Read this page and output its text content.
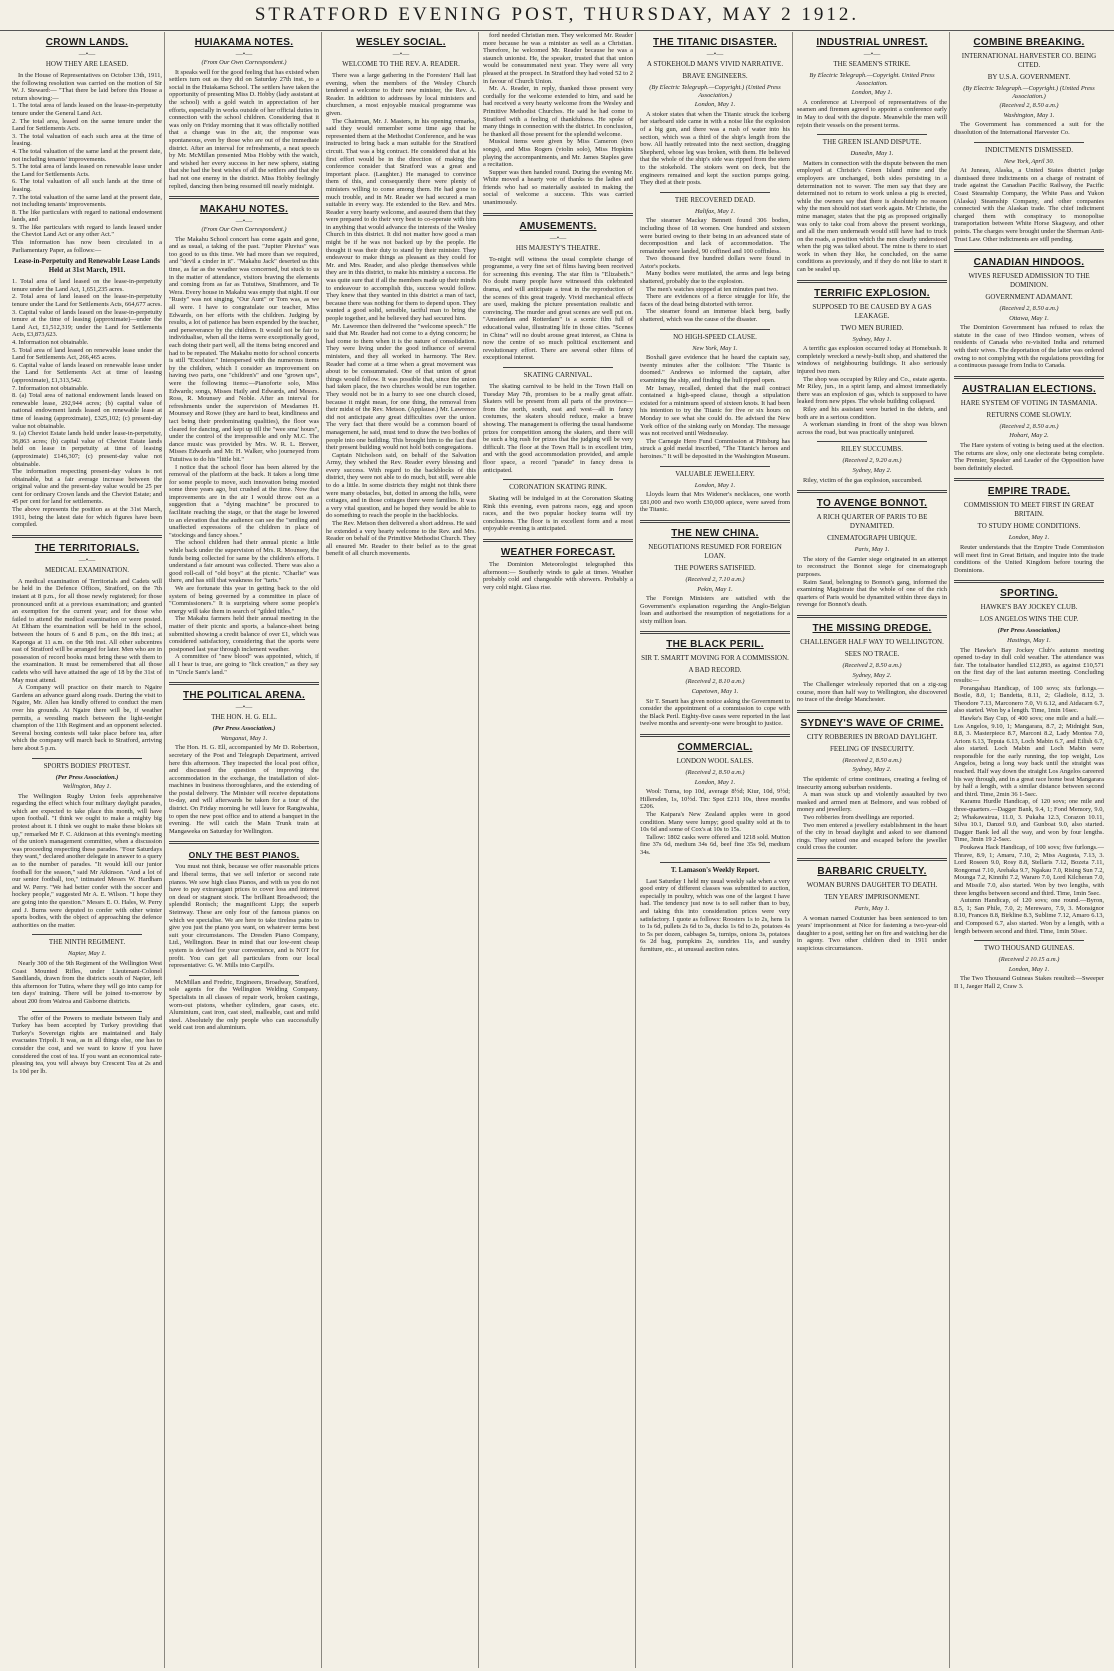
STRATFORD EVENING POST, THURSDAY, MAY 2 1912.
CROWN LANDS.
—•—
HOW THEY ARE LEASED.

In the House of Representatives on October 13th, 1911, the following resolution was carried on the motion of Sir W. J. Steward:— "That there be laid before this House a return showing:—

1. The total area of lands leased on the lease-in-perpetuity tenure under the General Land Act.

2. The total area, leased on the same tenure under the Land for Settlements Acts.

3. The total valuation of each such area at the time of leasing.

4. The total valuation of the same land at the present date, not including tenants' improvements.

5. The total area of lands leased on renewable lease under the Land for Settlements Acts.

6. The total valuation of all such lands at the time of leasing.

7. The total valuation of the same land at the present date, not including tenants' improvements.

8. The like particulars with regard to national endowment lands, and

9. The like particulars with regard to lands leased under the Cheviot Land Act or any other Act."

This information has now been circulated in a Parliamentary Paper, as follows:—

Lease-in-Perpetuity and Renewable Lease Lands Held at 31st March, 1911.

1. Total area of land leased on the lease-in-perpetuity tenure under the Land Act, 1,651,235 acres.

2. Total area of land leased on the lease-in-perpetuity tenure under the Land for Settlements Acts, 664,677 acres.

3. Capital value of lands leased on the lease-in-perpetuity tenure at the time of leasing (approximate)—under the Land Act, £1,512,319; under the Land for Settlements Acts, £3,873,623.

4. Information not obtainable.

5. Total area of land leased on renewable lease under the Land for Settlements Act, 266,465 acres.

6. Capital value of lands leased on renewable lease under the Land for Settlements Act at time of leasing (approximate), £1,313,542.

7. Information not obtainable.

8. (a) Total area of national endowment lands leased on renewable lease, 292,944 acres; (b) capital value of national endowment lands leased on renewable lease at time of leasing (approximate), £325,102; (c) present-day value not obtainable.

9. (a) Cheviot Estate lands held under lease-in-perpetuity, 36,863 acres; (b) capital value of Cheviot Estate lands held on lease in perpetuity at time of leasing (approximate) £146,307; (c) present-day value not obtainable.

The information respecting present-day values is not obtainable, but a fair average increase between the original value and the present-day value would be 25 per cent for ordinary Crown lands and the Cheviot Estate; and 45 per cent for land for settlements.

The above represents the position as at the 31st March, 1911, being the latest date for which figures have been compiled.

THE TERRITORIALS.
—•—
MEDICAL EXAMINATION.

A medical examination of Territorials and Cadets will be held in the Defence Offices, Stratford, on the 7th instant at 8 p.m., for all those newly registered; for those pronounced unfit at a previous examination; and granted an exemption for the current year; and for those who failed to attend the medical examination or were posted. At Eltham the examination will be held in the school, between the hours of 6 and 8 p.m., on the 8th inst.; at Kaponga at 11 a.m. on the 9th inst. All other subcentres east of Stratford will be arranged for later. Men who are in possession of record books must bring these with them to the examination. It must be remembered that all those cadets who will have attained the age of 18 by the 31st of May must attend.

A Company will practice on their march to Ngaire Gardens an advance guard along roads. During the visit to Ngaire, Mr. Allen has kindly offered to conduct the men over his grounds. At Ngaire there will be, if weather permits, a wrestling match between the light-weight champion of the 11th Regiment and an opponent selected. Several boxing contests will take place before tea, after which the company will march back to Stratford, arriving here about 5 p.m.

SPORTS BODIES' PROTEST.
(Per Press Association.)
Wellington, May 1.

The Wellington Rugby Union feels apprehensive regarding the effect which four military daylight parades, which are expected to take place this month, will have upon football. "I think we ought to make a mighty big protest about it. I think we ought to make these blokes sit up," remarked Mr F. C. Atkinson at this evening's meeting of the union's management committee, when a discussion was proceeding respecting these parades. "Four Saturdays they want," declared another delegate in answer to a query as to the number of parades. "It would kill our junior football for the season," said Mr Atkinson. "And a lot of our senior football, too," intimated Messrs W. Hardham and W. Perry. "We had better confer with the soccer and hockey people," suggested Mr A. E. Wilson. "I hope they are going into the question." Messrs E. O. Hales, W. Perry and J. Burns were deputed to confer with other winter sports bodies, with the object of approaching the defence authorities on the matter.

THE NINTH REGIMENT.
Napier, May 1.

Nearly 300 of the 9th Regiment of the Wellington West Coast Mounted Rifles, under Lieutenant-Colonel Sandilands, drawn from the districts south of Napier, left this afternoon for Tutira, where they will go into camp for ten days' training. There will be joined to-morrow by about 200 from Wairoa and Gisborne districts.

The offer of the Powers to mediate between Italy and Turkey has been accepted by Turkey providing that Turkey's Sovereign rights are maintained and Italy evacuates Tripoli. It was, as in all things else, one has to consider the cost, and we want to know if you have considered the cost of tea. If you want an economical rate-pleasing tea, you will always buy Crescent Tea at 2s and 1s 10d per lb.

HUIAKAMA NOTES.
—•—
(From Our Own Correspondent.)

It speaks well for the good feeling that has existed when settlers turn out as they did on Saturday 27th inst., to a social in the Huiakama School. The settlers have taken the opportunity of presenting Miss D. Hobby (lady assistant at the school) with a gold watch in appreciation of her efforts, especially in works outside of her official duties in connection with the school children. Considering that it was only on Friday morning that it was officially notified that a change was in the air, the response was spontaneous, even by those who are out of the immediate district. After an interval for refreshments, a neat speech by Mr. McMillan presented Miss Hobby with the watch, and wished her every success in her new sphere, stating that she had the best wishes of all the settlers and that she had not one enemy in the district. Miss Hobby feelingly replied, dancing then being resumed till nearly midnight.

MAKAHU NOTES.
—•—
(From Our Own Correspondent.)

The Makahu School concert has come again and gone, and as usual, a taking of the past. "Jupiter Pluvius" was too good to us this time. We had more than we required, and "devil a cinder in it". "Makahu Jack" deserted us this time, as far as the weather was concerned, but stuck to us in the matter of attendance, visitors braving the elements and coming from as far as Tutuiiwa, Strathmore, and Te Wera. Every house in Makahu was empty that night. If our "Rusty" was not singing, "Our Aunt" or Tom was, as we all were. I have to congratulate our teacher, Miss Edwards, on her efforts with the children. Judging by results, a lot of patience has been expended by the teacher, and perseverance by the children. It would not be fair to individualise, when all the items were exceptionally good, each doing their part well, all the items being encored and had to be repeated. The Makahu motto for school concerts is still "Excelsior." Interspersed with the numerous items by the children, which I consider an improvement on having two parts, one "children's" and one "grown ups", were the following items:—Pianoforte solo, Miss Edwards; songs, Misses Haily and Edwards, and Messrs. Ross, R. Mounsey and Noble. After an interval for refreshments under the supervision of Mesdames H. Mounsey and Rowe (they are hard to beat, kindliness and tact being their predominating qualities), the floor was cleared for dancing, and kept up till the "wee sma' hours", under the control of the irrepressible and only M.C. The dance music was provided by Mrs. W. R. L. Brewer, Misses Edwards and Mr. H. Walker, who journeyed from Tutuiiwa to do his "little bit."

I notice that the school floor has been altered by the removal of the platform at the back. It takes a long time for some people to move, such innovation being mooted some three years ago, but crushed at the time. Now that improvements are in the air I would throw out as a suggestion that a "dying machine" be procured to facilitate reaching the stage, or that the stage be lowered to an elevation that the audience can see the "smiling and unaffected expressions of the children in place of "stockings and fancy shoes."

The school children had their annual picnic a little while back under the supervision of Mrs. R. Mounsey, the funds being collected for same by the children's efforts. I understand a fair amount was collected. There was also a good roll-call of "old boys" at the picnic. "Charlie" was there, and has still that weakness for "tarts."

We are fortunate this year in getting back to the old system of being governed by a committee in place of "Commissioners." It is surprising where some people's energy will take them in search of "gilded titles."

The Makahu farmers held their annual meeting in the matter of their picnic and sports, a balance-sheet being submitted showing a credit balance of over £1, which was considered satisfactory, considering that the sports were postponed last year through inclement weather.

A committee of "new blood" was appointed, which, if all I hear is true, are going to "lick creation," as they say in "Uncle Sam's land."

THE POLITICAL ARENA.
—•—
THE HON. H. G. ELL.
(Per Press Association.)
Wanganui, May 1.

The Hon. H. G. Ell, accompanied by Mr D. Robertson, secretary of the Post and Telegraph Department, arrived here this afternoon. They inspected the local post office, and discussed the question of improving the accommodation in the exchange, the installation of slot-machines in business thoroughfares, and the extending of the postal delivery. The Minister will receive deputations to-day, and will afterwards be taken for a tour of the district. On Friday morning he will leave for Rangiwahia, to open the new post office and to attend a banquet in the evening. He will catch the Main Trunk train at Mangaweka on Saturday for Wellington.

ONLY THE BEST PIANOS.

You must not think, because we offer reasonable prices and liberal terms, that we sell inferior or second rate pianos. We sow high class Pianos, and with us you do not have to pay extravagant prices to cover loss and interest on dead or stagnant stock. The brilliant Broadwood; the splendid Ronisch; the magnificent Lipp; the superb Steinway. These are only four of the famous pianos on which we specialise. We are here to take tireless pains to give you just the piano you want, on whatever terms best suit your circumstances. The Dresden Piano Company, Ltd., Wellington. Bear in mind that our low-rent cheap system is devised for your convenience, and is NOT for profit. You can get all particulars from our local representative: G. W. Mills into Carpill's.

McMillan and Fredric, Engineers, Broadway, Stratford, sole agents for the Wellington Welding Company. Specialists in all classes of repair work, broken castings, worn-out pistons, whether cylinders, gear cases, etc. Aluminium, cast iron, cast steel, malleable, cast and mild steel. Absolutely the only people who can successfully weld cast iron and aluminium.

WESLEY SOCIAL.
—•—
WELCOME TO THE REV. A. READER.

There was a large gathering in the Foresters' Hall last evening, when the members of the Wesley Church tendered a welcome to their new minister, the Rev. A. Reader. In addition to addresses by local ministers and churchmen, a most enjoyable musical programme was given.

The Chairman, Mr. J. Masters, in his opening remarks, said they would remember some time ago that he represented them at the Methodist Conference, and he was instructed to bring back a man suitable for the Stratford circuit. That was a big contract. He considered that at his first effort would be in the direction of making the conference consider that Stratford was a great and important place. (Laughter.) He managed to convince them of this, and consequently there were plenty of ministers willing to come among them. He had gone to much trouble, and in Mr. Reader we had secured a man suitable in every way. He extended to the Rev. and Mrs. Reader a very hearty welcome, and assured them that they were prepared to do their very best to co-operate with him in anything that would advance the interests of the Wesley Church in this district. It did not matter how good a man might be if he was not backed up by the people. He thought it was their duty to stand by their minister. They endeavour to make things as pleasant as they could for Mr. and Mrs. Reader, and also pledge themselves while they are in this district, to make his ministry a success. He was quite sure that if all the members made up their minds to endeavour to accomplish this, success would follow. They knew that they wanted in this district a man of tact, because there was nothing for them to depend upon. They wanted a good solid, sensible, tactful man to bring the people together, and he believed they had secured him.

Mr. Lawrence then delivered the "welcome speech." He said that Mr. Reader had not come to a dying concern; he had come to them when it is the nature of consolidation. They were living under the good influence of several ministers, and they all worked in harmony. The Rev. Reader had come at a time when a great movement was about to be consummated. One of that union of great things would follow. It was possible that, since the union had taken place, the two churches would be run together. They would not be in a hurry to see one church closed, because it might mean, for one thing, the removal from their midst of the Rev. Metson. (Applause.) Mr. Lawrence did not anticipate any great difficulties over the union. The very fact that there would be a common board of management, he said, must tend to draw the two bodies of people into one building. This brought him to the fact that their present building would not hold both congregations.

Captain Nicholson said, on behalf of the Salvation Army, they wished the Rev. Reader every blessing and every success. With regard to the backblocks of this district, they were not able to do much, but still, were able to do a little. In some districts they might not think there were many obstacles, but, dotted in among the hills, were cottages, and in those cottages there were families. It was a very vital question, and he hoped they would be able to do something to reach the people in the backblocks.

The Rev. Metson then delivered a short address. He said he extended a very hearty welcome to the Rev. and Mrs. Reader on behalf of the Primitive Methodist Church. They all ensured Mr. Reader to their belief as to the great benefit of all church movements.

ford needed Christian men. They welcomed Mr. Reader more because he was a minister as well as a Christian. Therefore, he welcomed Mr. Reader because he was a staunch unionist. He, the speaker, trusted that that union would be consummated next year. They were all very pleased at the prospect. In Stratford they had voted 52 to 2 in favour of Church Union.

Mr. A. Reader, in reply, thanked those present very cordially for the welcome extended to him, and said he had received a very hearty welcome from the Wesley and Primitive Methodist Churches. He said he had come to Stratford with a feeling of thankfulness. He spoke of many things in connection with the district. In conclusion, he thanked all those present for the splendid welcome.

Musical items were given by Miss Cameron (two songs), and Miss Rogers (violin solo), Miss Hopkins playing the accompaniments, and Mr. James Staples gave a recitation.

Supper was then handed round. During the evening Mr. White moved a hearty vote of thanks to the ladies and friends who had so materially assisted in making the social of welcome a success. This was carried unanimously.

AMUSEMENTS.
—•—
HIS MAJESTY'S THEATRE.

To-night will witness the usual complete change of programme, a very fine set of films having been received for screening this evening. The star film is "Elizabeth." No doubt many people have witnessed this celebrated drama, and will anticipate a treat in the reproduction of the scenes of this great tragedy. Vivid mechanical effects are used, making the picture presentation realistic and convincing. The murder and great scenes are well put on. "Amsterdam and Rotterdam" is a scenic film full of educational value, illustrating life in those cities. "Scenes in China" will no doubt arouse great interest, as China is now the centre of so much political excitement and revolutionary effort. There are several other films of exceptional interest.

SKATING CARNIVAL.

The skating carnival to be held in the Town Hall on Tuesday May 7th, promises to be a really great affair. Skaters will be present from all parts of the province—from the north, south, east and west—all in fancy costumes, the skaters should reduce, make a brave showing. The management is offering the usual handsome prizes for competition among the skaters, and there will be such a big rush for prizes that the judging will be very difficult. The floor at the Town Hall is in excellent trim, and with the good accommodation provided, and ample floor space, a record "parade" in fancy dress is anticipated.

CORONATION SKATING RINK.

Skating will be indulged in at the Coronation Skating Rink this evening, even patrons races, egg and spoon races, and the two popular hockey teams will try conclusions. The floor is in excellent form and a most enjoyable evening is anticipated.

WEATHER FORECAST.

The Dominion Meteorologist telegraphed this afternoon:— Southerly winds to gale at times. Weather probably cold and changeable with showers. Probably a very cold night. Glass rise.

THE TITANIC DISASTER.
—•—
A STOKEHOLD MAN'S VIVID NARRATIVE.
BRAVE ENGINEERS.
(By Electric Telegraph.—Copyright.) (United Press Association.)
London, May 1.

A stoker states that when the Titanic struck the iceberg her starboard side came in with a noise like the explosion of a big gun, and there was a rush of water into his section, which was a third of the ship's length from the bow. All hastily retreated into the next section, dragging Shepherd, whose leg was broken, with them. He believed that the whole of the ship's side was ripped from the stem to the stokehold. The stokers went on deck, but the engineers remained and kept the suction pumps going. They died at their posts.

THE RECOVERED DEAD.
Halifax, May 1.

The steamer Mackay Bennett found 306 bodies, including those of 18 women. One hundred and sixteen were buried owing to their being in an advanced state of decomposition and lack of accommodation. The remainder were landed, 90 coffined and 100 coffinless.

Two thousand five hundred dollars were found in Astor's pockets.

Many bodies were mutilated, the arms and legs being shattered, probably due to the explosion.

The men's watches stopped at ten minutes past two.

There are evidences of a fierce struggle for life, the faces of the dead being distorted with terror.

The steamer found an immense black berg, badly shattered, which was the cause of the disaster.

NO HIGH-SPEED CLAUSE.
New York, May 1.

Boxhall gave evidence that he heard the captain say, twenty minutes after the collision: "The Titanic is doomed." Andrews so informed the captain, after examining the ship, and finding the hull ripped open.

Mr Ismay, recalled, denied that the mail contract contained a high-speed clause, though a stipulation existed for a minimum speed of sixteen knots. It had been his intention to try the Titanic for five or six hours on Monday to see what she could do. He advised the New York office of the sinking early on Monday. The message was not received until Wednesday.

The Carnegie Hero Fund Commission at Pittsburg has struck a gold medal inscribed, "The Titanic's heroes and heroines." It will be deposited in the Washington Museum.

VALUABLE JEWELLERY.
London, May 1.

Lloyds learn that Mrs Widener's necklaces, one worth £81,000 and two worth £30,000 apiece, were saved from the Titanic.

THE NEW CHINA.
NEGOTIATIONS RESUMED FOR FOREIGN LOAN.
THE POWERS SATISFIED.
(Received 2, 7.10 a.m.)
Pekin, May 1.

The Foreign Ministers are satisfied with the Government's explanation regarding the Anglo-Belgian loan and authorised the resumption of negotiations for a sixty million loan.

THE BLACK PERIL.
SIR T. SMARTT MOVING FOR A COMMISSION.
A BAD RECORD.
(Received 2, 8.10 a.m.)
Capetown, May 1.

Sir T. Smartt has given notice asking the Government to consider the appointment of a commission to cope with the Black Peril. Eighty-five cases were reported in the last twelve months and seventy-one were brought to justice.

COMMERCIAL.
LONDON WOOL SALES.
(Received 2, 8.50 a.m.)
London, May 1.

Wool: Turna, top 10d, average 8½d; Kiur, 10d, 9½d; Hillersden, 1s, 10½d. Tin: Spot £211 10s, three months £206.

The Kaipara's New Zealand apples were in good condition. Many were lumpy; good quality sold at 8s to 10s 6d and some of Cox's at 10s to 15s.

Tallow: 1802 casks were offered and 1218 sold. Mutton fine 37s 6d, medium 34s 6d, beef fine 35s 9d, medium 34s.

T. Lamason's Weekly Report.

Last Saturday I held my usual weekly sale when a very good entry of different classes was submitted to auction, especially in poultry, which was one of the largest I have had. The tendency just now is to sell rather than to buy, and taking this into consideration prices were very satisfactory. I quote as follows: Roosters 1s to 2s, hens 1s to 1s 6d, pullets 2s 6d to 3s, ducks 1s 6d to 2s, potatoes 4s to 5s per dozen, cabbages 5s, turnips, onions 3s, potatoes 6s 2d bag, pumpkins 2s, sundries 11s, and sundry furniture, etc., at unusual auction rates.

INDUSTRIAL UNREST.
—•—
THE SEAMEN'S STRIKE.
By Electric Telegraph.—Copyright. United Press Association.
London, May 1.

A conference at Liverpool of representatives of the seamen and firemen agreed to appoint a conference early in May to deal with the dispute. Meanwhile the men will rejoin their vessels on the present terms.

THE GREEN ISLAND DISPUTE.
Dunedin, May 1.

Matters in connection with the dispute between the men employed at Christie's Green Island mine and the employers are unchanged, both sides persisting in a determination not to waver. The men say that they are determined not to return to work unless a pig is erected, while the owners say that there is absolutely no reason why the men should not start work again. Mr Christie, the mine manager, states that the pig as proposed originally was only to take coal from above the present workings, and all the men underneath would still have had to truck on the roads, a position which the men clearly understood when the pig was talked about. The mine is there to start work in when they like, he concluded, on the same conditions as previously, and if they do not like to start it can be sealed up.

TERRIFIC EXPLOSION.
SUPPOSED TO BE CAUSED BY A GAS LEAKAGE.
TWO MEN BURIED.
Sydney, May 1.

A terrific gas explosion occurred today at Homebush. It completely wrecked a newly-built shop, and shattered the windows of neighbouring buildings. It also seriously injured two men.

The shop was occupied by Riley and Co., estate agents. Mr Riley, jun., in a spirit lamp, and almost immediately there was an explosion of gas, which is supposed to have leaked from new pipes. The whole building collapsed.

Riley and his assistant were buried in the debris, and both are in a serious condition.

A workman standing in front of the shop was blown across the road, but was practically uninjured.

RILEY SUCCUMBS.
(Received 2, 9.20 a.m.)
Sydney, May 2.

Riley, victim of the gas explosion, succumbed.

TO AVENGE BONNOT.
A RICH QUARTER OF PARIS TO BE DYNAMITED.
CINEMATOGRAPH UBIQUE.
Paris, May 1.

The story of the Garnier siege originated in an attempt to reconstruct the Bonnot siege for cinematograph purposes.

Raim Saud, belonging to Bonnot's gang, informed the examining Magistrate that the whole of one of the rich quarters of Paris would be dynamited within three days in revenge for Bonnot's death.

THE MISSING DREDGE.
CHALLENGER HALF WAY TO WELLINGTON.
SEES NO TRACE.
(Received 2, 8.50 a.m.)
Sydney, May 2.

The Challenger wirelessly reported that on a zig-zag course, more than half way to Wellington, she discovered no trace of the dredge Manchester.

SYDNEY'S WAVE OF CRIME.
CITY ROBBERIES IN BROAD DAYLIGHT.
FEELING OF INSECURITY.
(Received 2, 8.50 a.m.)
Sydney, May 2.

The epidemic of crime continues, creating a feeling of insecurity among suburban residents.

A man was stuck up and violently assaulted by two masked and armed men at Belmore, and was robbed of money and jewellery.

Two robberies from dwellings are reported.

Two men entered a jewellery establishment in the heart of the city in broad daylight and asked to see diamond rings. They seized one and escaped before the jeweller could cross the counter.

BARBARIC CRUELTY.
WOMAN BURNS DAUGHTER TO DEATH.
TEN YEARS' IMPRISONMENT.
Paris, May 1.

A woman named Coutunier has been sentenced to ten years' imprisonment at Nice for fastening a two-year-old daughter to a post, setting her on fire and watching her die in agony. Two other children died in 1911 under suspicious circumstances.

COMBINE BREAKING.
INTERNATIONAL HARVESTER CO. BEING CITED.
BY U.S.A. GOVERNMENT.
(By Electric Telegraph.—Copyright.) (United Press Association.)
(Received 2, 8.50 a.m.)
Washington, May 1.

The Government has commenced a suit for the dissolution of the International Harvester Co.

INDICTMENTS DISMISSED.
New York, April 30.

At Juneau, Alaska, a United States district judge dismissed three indictments on a charge of restraint of trade against the Canadian Pacific Railway, the Pacific Coast Steamship Company, the White Pass and Yukon (Alaska) Steamship Company, and other companies connected with the Alaskan trade. The chief indictment charged them with conspiracy to monopolise transportation between White Horse Skagway, and other points. The charges were brought under the Sherman Anti-Trust Law. Other indictments are still pending.

CANADIAN HINDOOS.
WIVES REFUSED ADMISSION TO THE DOMINION.
GOVERNMENT ADAMANT.
(Received 2, 8.50 a.m.)
Ottawa, May 1.

The Dominion Government has refused to relax the statute in the case of two Hindoo women, wives of residents of Canada who re-visited India and returned with their wives. The deportation of the latter was ordered owing to not complying with the regulations providing for a continuous passage from India to Canada.

AUSTRALIAN ELECTIONS.
HARE SYSTEM OF VOTING IN TASMANIA.
RETURNS COME SLOWLY.
(Received 2, 8.50 a.m.)
Hobart, May 2.

The Hare system of voting is being used at the election. The returns are slow, only one electorate being complete. The Premier, Speaker and Leader of the Opposition have been definitely elected.

EMPIRE TRADE.
COMMISSION TO MEET FIRST IN GREAT BRITAIN.
TO STUDY HOME CONDITIONS.
London, May 1.

Reuter understands that the Empire Trade Commission will meet first in Great Britain, and inquire into the trade conditions of the United Kingdom before touring the Dominions.

SPORTING.
HAWKE'S BAY JOCKEY CLUB.
LOS ANGELOS WINS THE CUP.
(Per Press Association.)
Hastings, May 1.

The Hawke's Bay Jockey Club's autumn meeting opened to-day in dull cold weather. The attendance was fair. The totalisator handled £12,893, as against £10,571 on the first day of the last autumn meeting. Concluding results:—

Porangahau Handicap, of 100 sovs; six furlongs.—Bostle, 8.0, 1; Bandetta, 8.11, 2; Gladiole, 8.12, 3. Theodore 7.13, Marconero 7.0, Vi 6.12, and Aidacarn 6.7, also started. Won by a length. Time, 1min 16sec.

Hawke's Bay Cup, of 400 sovs; one mile and a half.—Los Angelos, 9.10, 1; Mangarara, 8.7, 2; Midnight Sun, 8.8, 3. Masterpiece 8.7, Marconi 8.2, Lady Montea 7.0, Ariom 6.13, Tepuia 6.13, Loch Mabin 6.7, and Eilish 6.7, also started. Loch Mabin and Loch Mabin were responsible for the early running, the top weight, Los Angelos, being a long way back until the straight was reached. Half way down the straight Los Angelos careered his way through, and in a great race home beat Mangarara by half a length, with a similar distance between second and third. Time, 2min 36 1-5sec.

Karamu Hurdle Handicap, of 120 sovs; one mile and three-quarters.—Dagger Bank, 9.4, 1; Fond Memory, 9.0, 2; Whakawairua, 11.0, 3. Pukaha 12.3, Corazon 10.11, Silva 10.1, Danzel 9.0, and Gunboat 9.0, also started. Dagger Bank led all the way, and won by four lengths. Time, 3min 19 2-5sec.

Poukawa Hack Handicap, of 100 sovs; five furlongs.—Thrave, 8.9, 1; Amaru, 7.10, 2; Miss Augusta, 7.13, 3. Lord Roseen 9.0, Rosy 8.8, Stellaris 7.12, Bozeta 7.11, Rongomai 7.10, Arehaka 9.7, Ngakau 7.0, Rising Sun 7.2, Mounga 7.2, Kinnihi 7.2, Wararo 7.0, Lord Kilcheran 7.0, and Missile 7.0, also started. Won by two lengths, with three lengths between second and third. Time, 1min 5sec.

Autumn Handicap, of 120 sovs; one round.—Byron, 8.5, 1; San Phile, 7.0, 2; Merewaro, 7.9, 3. Monsignor 8.10, Frances 8.8, Birkline 8.3, Sublime 7.12, Amaro 6.13, and Composed 6.7, also started. Won by a length, with a length between second and third. Time, 1min 50sec.

TWO THOUSAND GUINEAS.
(Received 2 10.15 a.m.)
London, May 1.

The Two Thousand Guineas Stakes resulted:—Sweeper II 1, Jaeger Hall 2, Craw 3.
